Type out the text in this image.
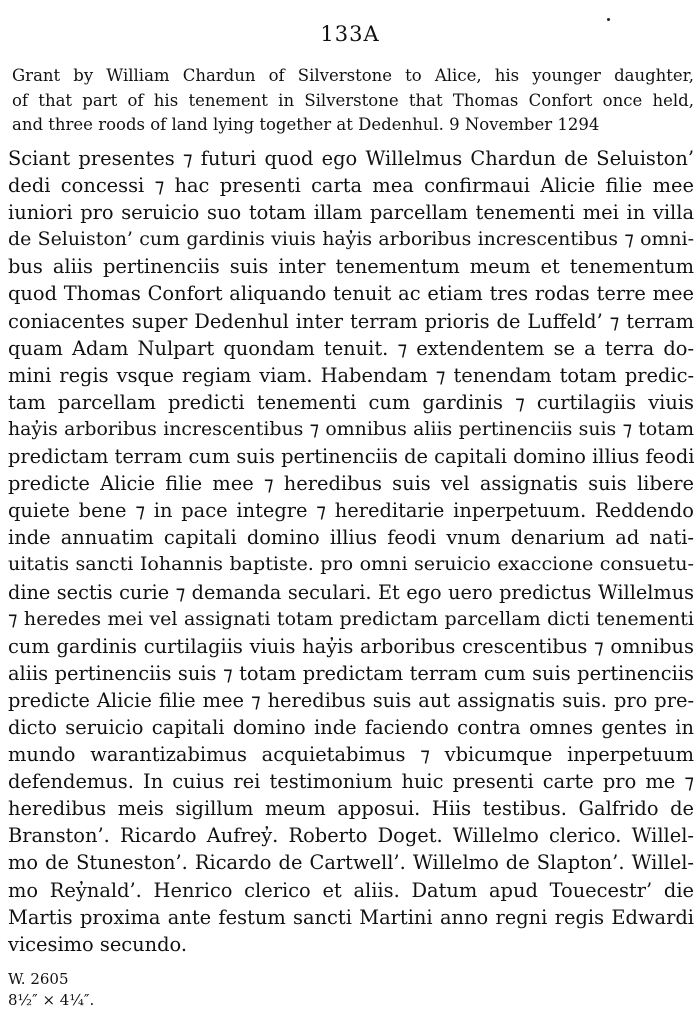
133A
Grant by William Chardun of Silverstone to Alice, his younger daughter,
of that part of his tenement in Silverstone that Thomas Confort once held,
and three roods of land lying together at Dedenhul. 9 November 1294
Sciant presentes ⁊ futuri quod ego Willelmus Chardun de Seluiston’
dedi concessi ⁊ hac presenti carta mea confirmaui Alicie filie mee
iuniori pro seruicio suo totam illam parcellam tenementi mei in villa
de Seluiston’ cum gardinis viuis hay̓is arboribus increscentibus ⁊ omni-
bus aliis pertinenciis suis inter tenementum meum et tenementum
quod Thomas Confort aliquando tenuit ac etiam tres rodas terre mee
coniacentes super Dedenhul inter terram prioris de Luffeld’ ⁊ terram
quam Adam Nulpart quondam tenuit. ⁊ extendentem se a terra do-
mini regis vsque regiam viam. Habendam ⁊ tenendam totam predic-
tam parcellam predicti tenementi cum gardinis ⁊ curtilagiis viuis
hay̓is arboribus increscentibus ⁊ omnibus aliis pertinenciis suis ⁊ totam
predictam terram cum suis pertinenciis de capitali domino illius feodi
predicte Alicie filie mee ⁊ heredibus suis vel assignatis suis libere
quiete bene ⁊ in pace integre ⁊ hereditarie inperpetuum. Reddendo
inde annuatim capitali domino illius feodi vnum denarium ad nati-
uitatis sancti Iohannis baptiste. pro omni seruicio exaccione consuetu-
dine sectis curie ⁊ demanda seculari. Et ego uero predictus Willelmus
⁊ heredes mei vel assignati totam predictam parcellam dicti tenementi
cum gardinis curtilagiis viuis hay̓is arboribus crescentibus ⁊ omnibus
aliis pertinenciis suis ⁊ totam predictam terram cum suis pertinenciis
predicte Alicie filie mee ⁊ heredibus suis aut assignatis suis. pro pre-
dicto seruicio capitali domino inde faciendo contra omnes gentes in
mundo warantizabimus acquietabimus ⁊ vbicumque inperpetuum
defendemus. In cuius rei testimonium huic presenti carte pro me ⁊
heredibus meis sigillum meum apposui. Hiis testibus. Galfrido de
Branston’. Ricardo Aufrey̓. Roberto Doget. Willelmo clerico. Willel-
mo de Stuneston’. Ricardo de Cartwell’. Willelmo de Slapton’. Willel-
mo Rey̓nald’. Henrico clerico et aliis. Datum apud Touecestr’ die
Martis proxima ante festum sancti Martini anno regni regis Edwardi
vicesimo secundo.
W. 2605
8½″ × 4¼″.
